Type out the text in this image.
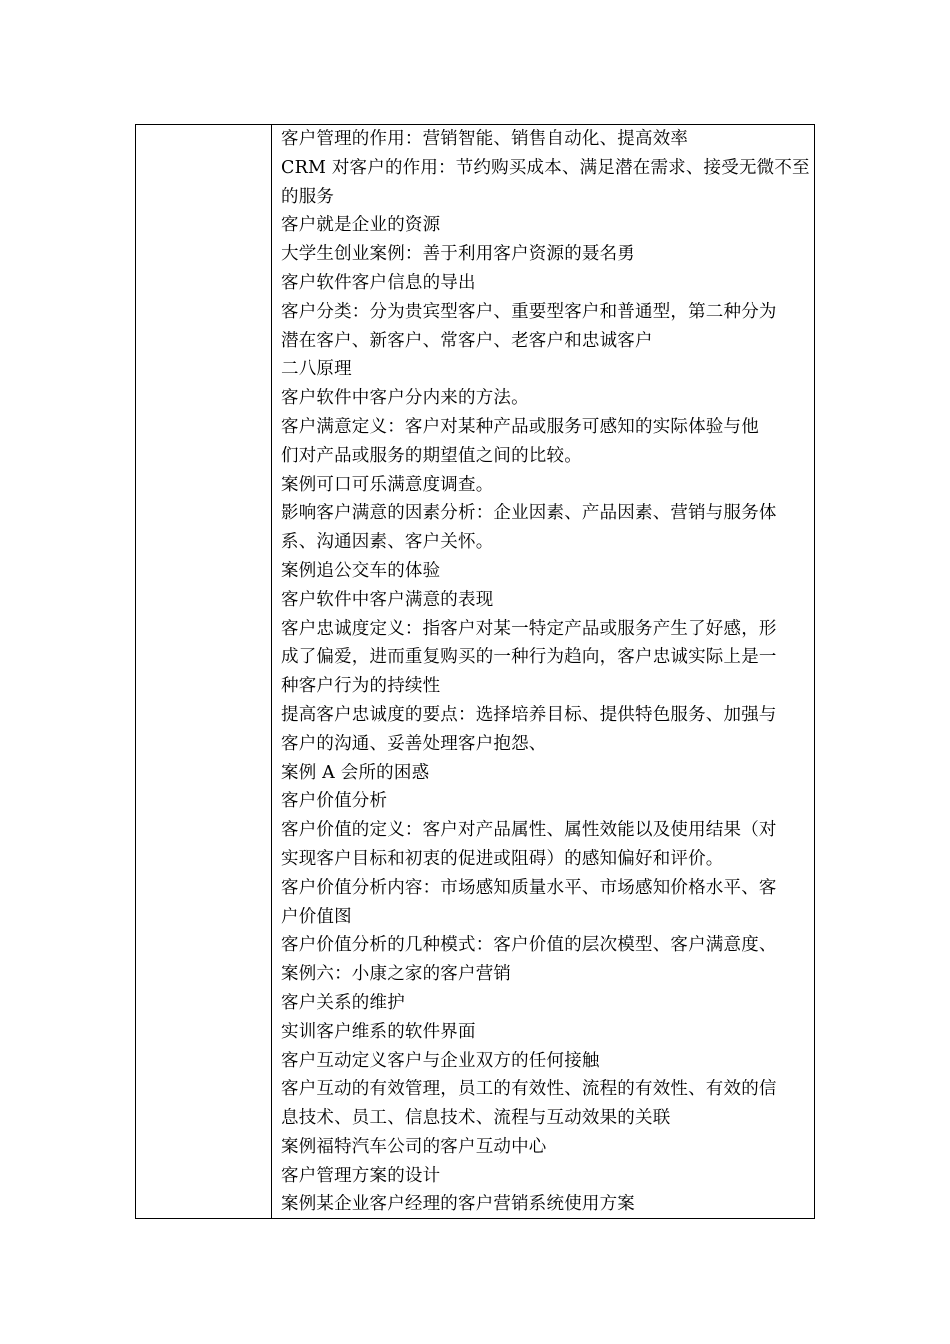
客户管理的作用：营销智能、销售自动化、提高效率
CRM 对客户的作用：节约购买成本、满足潜在需求、接受无微不至
的服务
客户就是企业的资源
大学生创业案例：善于利用客户资源的聂名勇
客户软件客户信息的导出
客户分类：分为贵宾型客户、重要型客户和普通型，第二种分为
潜在客户、新客户、常客户、老客户和忠诚客户
二八原理
客户软件中客户分内来的方法。
客户满意定义：客户对某种产品或服务可感知的实际体验与他
们对产品或服务的期望值之间的比较。
案例可口可乐满意度调查。
影响客户满意的因素分析：企业因素、产品因素、营销与服务体
系、沟通因素、客户关怀。
案例追公交车的体验
客户软件中客户满意的表现
客户忠诚度定义：指客户对某一特定产品或服务产生了好感，形
成了偏爱，进而重复购买的一种行为趋向，客户忠诚实际上是一
种客户行为的持续性
提高客户忠诚度的要点：选择培养目标、提供特色服务、加强与
客户的沟通、妥善处理客户抱怨、
案例 A 会所的困惑
客户价值分析
客户价值的定义：客户对产品属性、属性效能以及使用结果（对
实现客户目标和初衷的促进或阻碍）的感知偏好和评价。
客户价值分析内容：市场感知质量水平、市场感知价格水平、客
户价值图
客户价值分析的几种模式：客户价值的层次模型、客户满意度、
案例六：小康之家的客户营销
客户关系的维护
实训客户维系的软件界面
客户互动定义客户与企业双方的任何接触
客户互动的有效管理，员工的有效性、流程的有效性、有效的信
息技术、员工、信息技术、流程与互动效果的关联
案例福特汽车公司的客户互动中心
客户管理方案的设计
案例某企业客户经理的客户营销系统使用方案
